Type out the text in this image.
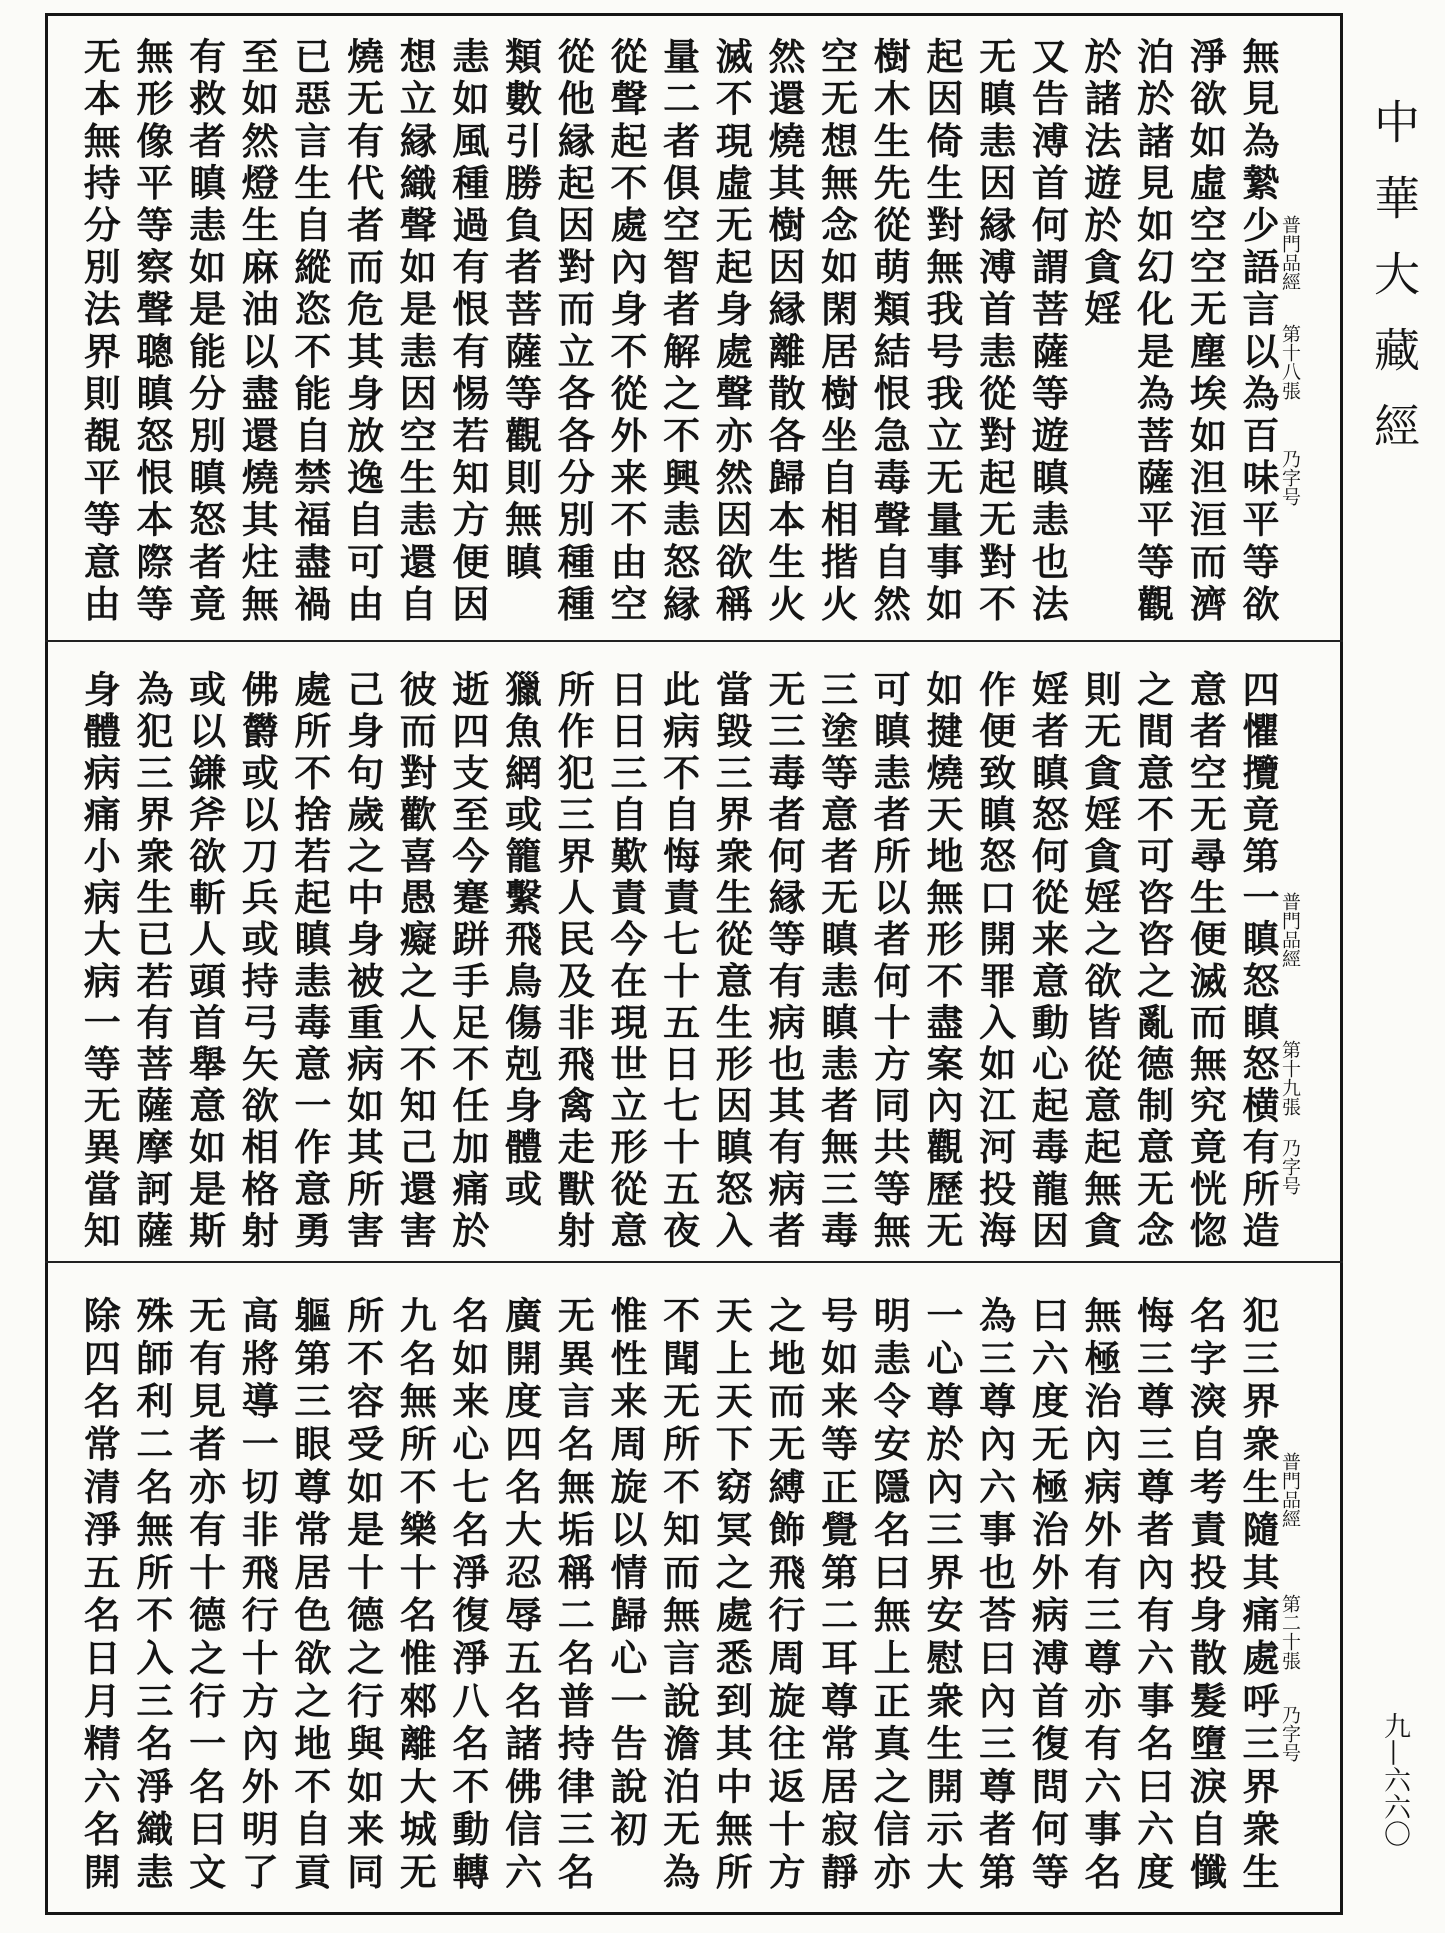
普門品經
第十八張
乃字号
無見為縶少語言以為百味平等欲
淨欲如虛空空无塵埃如泹洹而濟
泊於諸見如幻化是為菩薩平等觀
於諸法遊於貪婬
又告溥首何謂菩薩等遊瞋恚也法
无瞋恚因縁溥首恚從對起无對不
起因倚生對無我号我立无量事如
樹木生先從萌類結恨急毒聲自然
空无想無念如閑居樹坐自相揩火
然還燒其樹因縁離散各歸本生火
滅不現虛无起身處聲亦然因欲稱
量二者俱空智者解之不興恚怒縁
從聲起不處內身不從外来不由空
從他縁起因對而立各各分別種種
類數引勝負者菩薩等觀則無瞋
恚如風種過有恨有惕若知方便因
想立縁織聲如是恚因空生恚還自
燒无有代者而危其身放逸自可由
已惡言生自縱恣不能自禁福盡禍
至如然燈生麻油以盡還燒其炷無
有救者瞋恚如是能分別瞋怒者竟
無形像平等察聲聰瞋怒恨本際等
无本無持分別法界則覩平等意由
普門品經
第十九張
乃字号
四懼攬竟第一瞋怒瞋怒横有所造
意者空无尋生便滅而無究竟恍惚
之間意不可咨咨之亂德制意无念
則无貪婬貪婬之欲皆從意起無貪
婬者瞋怒何從来意動心起毒龍因
作便致瞋怒口開罪入如江河投海
如揵燒天地無形不盡案內觀歷无
可瞋恚者所以者何十方同共等無
三塗等意者无瞋恚瞋恚者無三毒
无三毒者何縁等有病也其有病者
當毀三界衆生從意生形因瞋怒入
此病不自悔責七十五日七十五夜
日日三自歎責今在現世立形從意
所作犯三界人民及非飛禽走獸射
獵魚網或籠繫飛鳥傷剋身體或
逝四支至今蹇跰手足不任加痛於
彼而對歡喜愚癡之人不知己還害
己身句歲之中身被重病如其所害
處所不捨若起瞋恚毒意一作意勇
佛欝或以刀兵或持弓矢欲相格射
或以鎌斧欲斬人頭首舉意如是斯
為犯三界衆生已若有菩薩摩訶薩
身體病痛小病大病一等无異當知
普門品經
第二十張
乃字号
犯三界衆生隨其痛處呼三界衆生
名字㴱自考責投身散髮墮淚自懺
悔三尊三尊者內有六事名曰六度
無極治內病外有三尊亦有六事名
曰六度无極治外病溥首復問何等
為三尊內六事也荅曰內三尊者第
一心尊於內三界安慰衆生開示大
明恚令安隱名曰無上正真之信亦
号如来等正覺第二耳尊常居寂靜
之地而无縛飾飛行周旋往返十方
天上天下窈冥之處悉到其中無所
不聞无所不知而無言說澹泊无為
惟性来周旋以情歸心一告說初
无異言名無垢稱二名普持律三名
廣開度四名大忍辱五名諸佛信六
名如来心七名淨復淨八名不動轉
九名無所不樂十名惟郲離大城无
所不容受如是十德之行與如来同
軀第三眼尊常居色欲之地不自貢
高將導一切非飛行十方內外明了
无有見者亦有十德之行一名曰文
殊師利二名無所不入三名淨織恚
除四名常清淨五名日月精六名開
中華大藏經
九—六六〇
